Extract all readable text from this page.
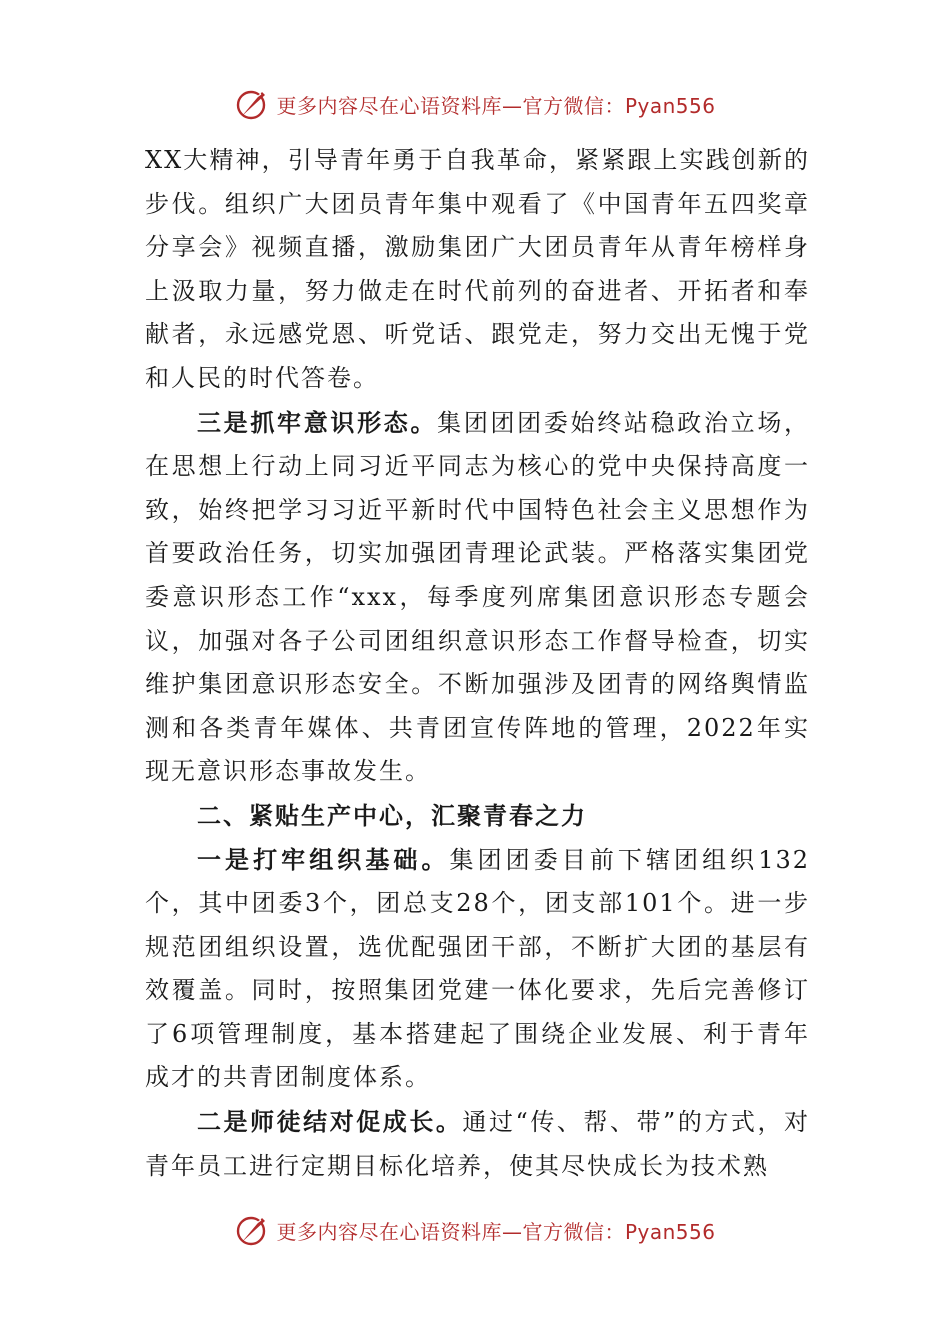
更多内容尽在心语资料库—官方微信：Pyan556

XX大精神，引导青年勇于自我革命，紧紧跟上实践创新的步伐。组织广大团员青年集中观看了《中国青年五四奖章分享会》视频直播，激励集团广大团员青年从青年榜样身上汲取力量，努力做走在时代前列的奋进者、开拓者和奉献者，永远感党恩、听党话、跟党走，努力交出无愧于党和人民的时代答卷。

三是抓牢意识形态。集团团团委始终站稳政治立场，在思想上行动上同习近平同志为核心的党中央保持高度一致，始终把学习习近平新时代中国特色社会主义思想作为首要政治任务，切实加强团青理论武装。严格落实集团党委意识形态工作“xxx，每季度列席集团意识形态专题会议，加强对各子公司团组织意识形态工作督导检查，切实维护集团意识形态安全。不断加强涉及团青的网络舆情监测和各类青年媒体、共青团宣传阵地的管理，2022年实现无意识形态事故发生。

二、紧贴生产中心，汇聚青春之力

一是打牢组织基础。集团团委目前下辖团组织132个，其中团委3个，团总支28个，团支部101个。进一步规范团组织设置，选优配强团干部，不断扩大团的基层有效覆盖。同时，按照集团党建一体化要求，先后完善修订了6项管理制度，基本搭建起了围绕企业发展、利于青年成才的共青团制度体系。

二是师徒结对促成长。通过“传、帮、带”的方式，对青年员工进行定期目标化培养，使其尽快成长为技术熟

更多内容尽在心语资料库—官方微信：Pyan556
